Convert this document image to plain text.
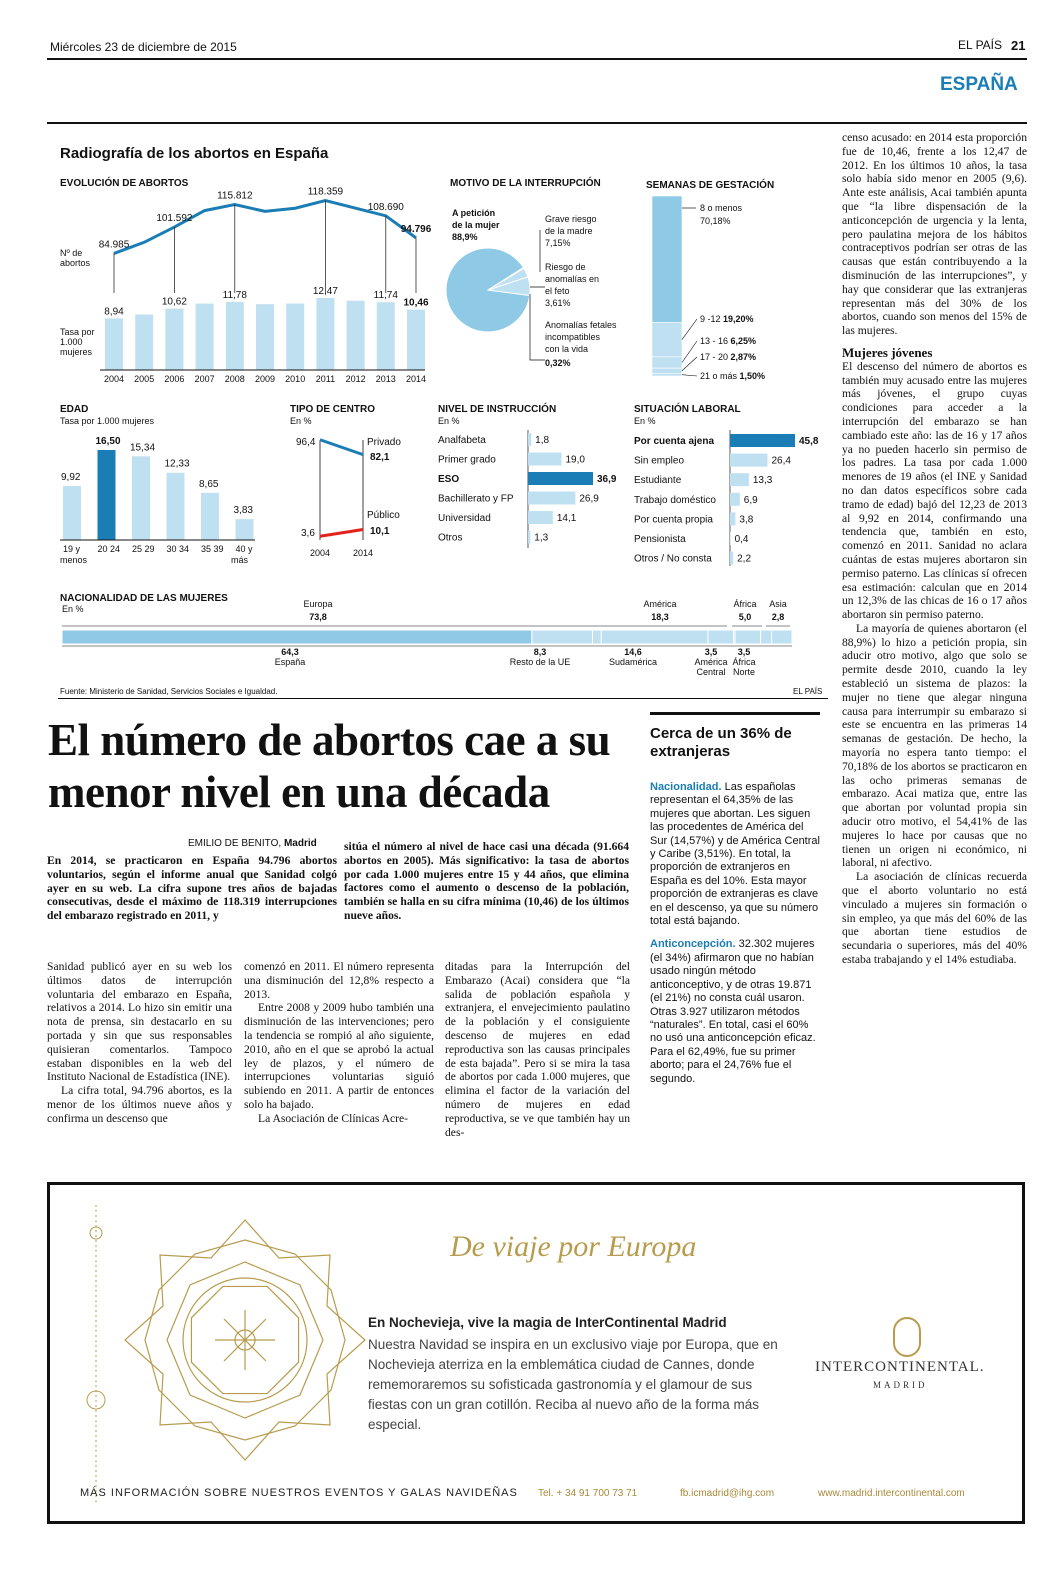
Miércoles 23 de diciembre de 2015	EL PAÍS 21
ESPAÑA
Radiografía de los abortos en España
EVOLUCIÓN DE ABORTOS
84.985
101.592
115.812	118.359
108.690
94.796
Nº de
abortos
8,94
10,62
11,78	12,47	11,74
10,46
2004 2005 2006 2007 2008 2009 2010 2011 2012 2013 2014
Tasa por
1.000
mujeres
MOTIVO DE LA INTERRUPCIÓN
A petición
de la mujer
88,9%
Grave riesgo
de la madre
7,15%
Riesgo de
anomalías en
el feto
3,61%
Anomalías fetales
incompatibles
con la vida
0,32%
SEMANAS DE GESTACIÓN
8 o menos
70,18%
9 -12 19,20%
13 - 16 6,25%
17 - 20 2,87%
21 o más 1,50%
EDAD
Tasa por 1.000 mujeres
9,92
16,50
15,34
12,33
8,65
3,83
19 y 20 24 25 29 30 34 35 39 40 y
menos	más
TIPO DE CENTRO
En %
96,4	Privado
82,1
3,6
Público
10,1
2004	2014
NIVEL DE INSTRUCCIÓN
En %
Analfabeta	1,8
Primer grado	19,0
ESO	36,9
Bachillerato y FP	26,9
Universidad	14,1
Otros	1,3
SITUACIÓN LABORAL
En %
Por cuenta ajena	45,8
Sin empleo	26,4
Estudiante	13,3
Trabajo doméstico	6,9
Por cuenta propia	3,8
Pensionista	0,4
Otros / No consta	2,2
NACIONALIDAD DE LAS MUJERES
En %	Europa
73,8
América
18,3
África
5,0
Asia
2,8
64,3
España
8,3
Resto de la UE
14,6
Sudamérica
3,5
América
Central
3,5
África
Norte
Fuente: Ministerio de Sanidad, Servicios Sociales e Igualdad.	EL PAÍS
El número de abortos cae a su menor nivel en una década
EMILIO DE BENITO, Madrid

En 2014, se practicaron en España 94.796 abortos voluntarios, según el informe anual que Sanidad colgó ayer en su web. La cifra supone tres años de bajadas consecutivas, desde el máximo de 118.319 interrupciones del embarazo registrado en 2011, y

sitúa el número al nivel de hace casi una década (91.664 abortos en 2005). Más significativo: la tasa de abortos por cada 1.000 mujeres entre 15 y 44 años, que elimina factores como el aumento o descenso de la población, también se halla en su cifra mínima (10,46) de los últimos nueve años.

Sanidad publicó ayer en su web los últimos datos de interrupción voluntaria del embarazo en España, relativos a 2014. Lo hizo sin emitir una nota de prensa, sin destacarlo en su portada y sin que sus responsables quisieran comentarlos. Tampoco estaban disponibles en la web del Instituto Nacional de Estadística (INE).

La cifra total, 94.796 abortos, es la menor de los últimos nueve años y confirma un descenso que

comenzó en 2011. El número representa una disminución del 12,8% respecto a 2013.

Entre 2008 y 2009 hubo también una disminución de las intervenciones; pero la tendencia se rompió al año siguiente, 2010, año en el que se aprobó la actual ley de plazos, y el número de interrupciones voluntarias siguió subiendo en 2011. A partir de entonces solo ha bajado.

La Asociación de Clínicas Acre-

ditadas para la Interrupción del Embarazo (Acai) considera que “la salida de población española y extranjera, el envejecimiento paulatino de la población y el consiguiente descenso de mujeres en edad reproductiva son las causas principales de esta bajada”. Pero si se mira la tasa de abortos por cada 1.000 mujeres, que elimina el factor de la variación del número de mujeres en edad reproductiva, se ve que también hay un des-

Cerca de un 36% de extranjeras

Nacionalidad. Las españolas representan el 64,35% de las mujeres que abortan. Les siguen las procedentes de América del Sur (14,57%) y de América Central y Caribe (3,51%). En total, la proporción de extranjeros en España es del 10%. Esta mayor proporción de extranjeras es clave en el descenso, ya que su número total está bajando.

Anticoncepción. 32.302 mujeres (el 34%) afirmaron que no habían usado ningún método anticonceptivo, y de otras 19.871 (el 21%) no consta cuál usaron. Otras 3.927 utilizaron métodos “naturales”. En total, casi el 60% no usó una anticoncepción eficaz. Para el 62,49%, fue su primer aborto; para el 24,76% fue el segundo.

censo acusado: en 2014 esta proporción fue de 10,46, frente a los 12,47 de 2012. En los últimos 10 años, la tasa solo había sido menor en 2005 (9,6). Ante este análisis, Acai también apunta que “la libre dispensación de la anticoncepción de urgencia y la lenta, pero paulatina mejora de los hábitos contraceptivos podrían ser otras de las causas que están contribuyendo a la disminución de las interrupciones”, y hay que considerar que las extranjeras representan más del 30% de los abortos, cuando son menos del 15% de las mujeres.

Mujeres jóvenes

El descenso del número de abortos es también muy acusado entre las mujeres más jóvenes, el grupo cuyas condiciones para acceder a la interrupción del embarazo se han cambiado este año: las de 16 y 17 años ya no pueden hacerlo sin permiso de los padres. La tasa por cada 1.000 menores de 19 años (el INE y Sanidad no dan datos específicos sobre cada tramo de edad) bajó del 12,23 de 2013 al 9,92 en 2014, confirmando una tendencia que, también en esto, comenzó en 2011. Sanidad no aclara cuántas de estas mujeres abortaron sin permiso paterno. Las clínicas sí ofrecen esa estimación: calculan que en 2014 un 12,3% de las chicas de 16 o 17 años abortaron sin permiso paterno.

La mayoría de quienes abortaron (el 88,9%) lo hizo a petición propia, sin aducir otro motivo, algo que solo se permite desde 2010, cuando la ley estableció un sistema de plazos: la mujer no tiene que alegar ninguna causa para interrumpir su embarazo si este se encuentra en las primeras 14 semanas de gestación. De hecho, la mayoría no espera tanto tiempo: el 70,18% de los abortos se practicaron en las ocho primeras semanas de embarazo. Acai matiza que, entre las que abortan por voluntad propia sin aducir otro motivo, el 54,41% de las mujeres lo hace por causas que no tienen un origen ni económico, ni laboral, ni afectivo.

La asociación de clínicas recuerda que el aborto voluntario no está vinculado a mujeres sin formación o sin empleo, ya que más del 60% de las que abortan tiene estudios de secundaria o superiores, más del 40% estaba trabajando y el 14% estudiaba.

De viaje por Europa
En Nochevieja, vive la magia de InterContinental Madrid
Nuestra Navidad se inspira en un exclusivo viaje por Europa, que en Nochevieja aterriza en la emblemática ciudad de Cannes, donde rememoraremos su sofisticada gastronomía y el glamour de sus fiestas con un gran cotillón. Reciba al nuevo año de la forma más especial.
INTERCONTINENTAL.
MADRID
MÁS INFORMACIÓN SOBRE NUESTROS EVENTOS Y GALAS NAVIDEÑAS Tel. + 34 91 700 73 71	fb.icmadrid@ihg.com	www.madrid.intercontinental.com
